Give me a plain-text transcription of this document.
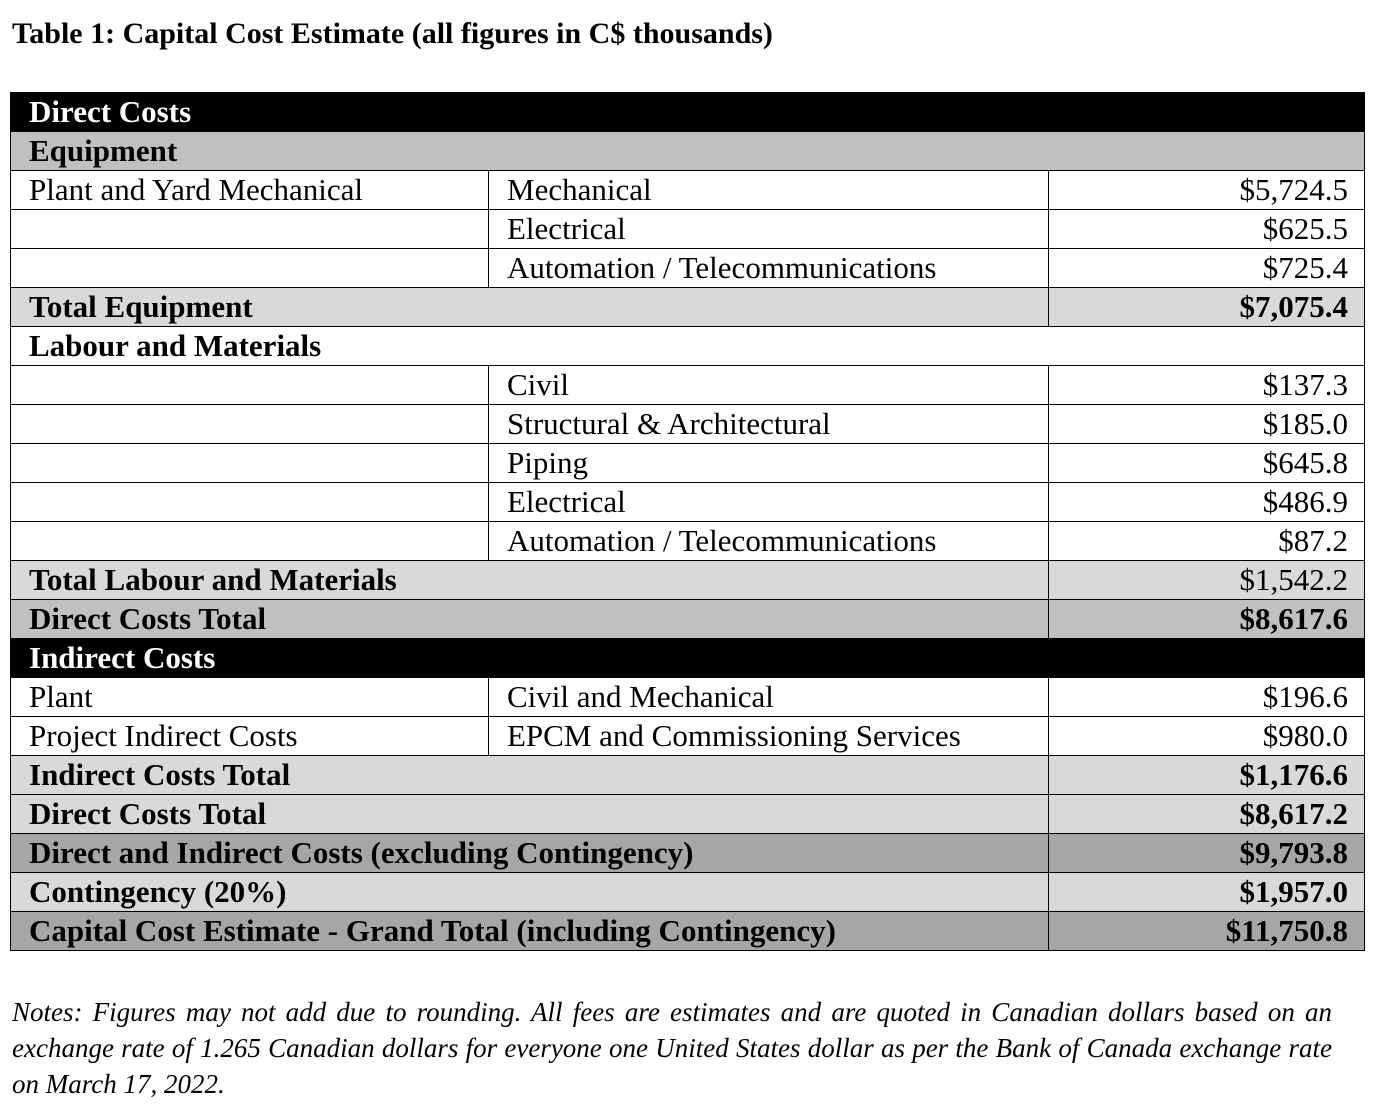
Table 1: Capital Cost Estimate (all figures in C$ thousands)
Direct Costs		
Equipment		
Plant and Yard Mechanical	Mechanical	$5,724.5
	Electrical	$625.5
	Automation / Telecommunications	$725.4
Total Equipment		$7,075.4
Labour and Materials		
	Civil	$137.3
	Structural & Architectural	$185.0
	Piping	$645.8
	Electrical	$486.9
	Automation / Telecommunications	$87.2
Total Labour and Materials		$1,542.2
Direct Costs Total		$8,617.6
Indirect Costs		
Plant	Civil and Mechanical	$196.6
Project Indirect Costs	EPCM and Commissioning Services	$980.0
Indirect Costs Total		$1,176.6
Direct Costs Total		$8,617.2
Direct and Indirect Costs (excluding Contingency)		$9,793.8
Contingency (20%)		$1,957.0
Capital Cost Estimate - Grand Total (including Contingency)		$11,750.8
Notes: Figures may not add due to rounding. All fees are estimates and are quoted in Canadian dollars based on an exchange rate of 1.265 Canadian dollars for everyone one United States dollar as per the Bank of Canada exchange rate on March 17, 2022.
